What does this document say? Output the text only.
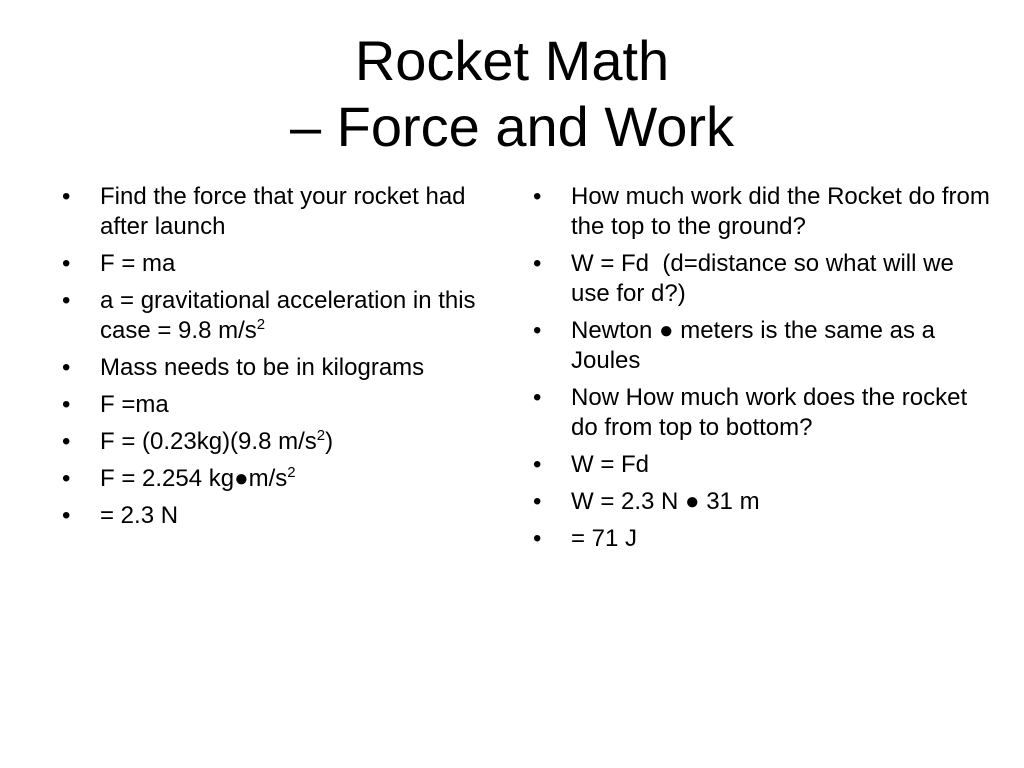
Rocket Math
– Force and Work
• Find the force that your rocket had after launch
• F = ma
• a = gravitational acceleration in this case = 9.8 $m/s^2$
• Mass needs to be in kilograms
• F =ma
• F = (0.23kg)(9.8 $m/s^2$)
• F = 2.254 $kg●m/s^2$
• = 2.3 N
• How much work did the Rocket do from the top to the ground?
• W = Fd  (d=distance so what will we use for d?)
• Newton ● meters is the same as a Joules
• Now How much work does the rocket do from top to bottom?
• W = Fd
• W = 2.3 N ● 31 m
• = 71 J
